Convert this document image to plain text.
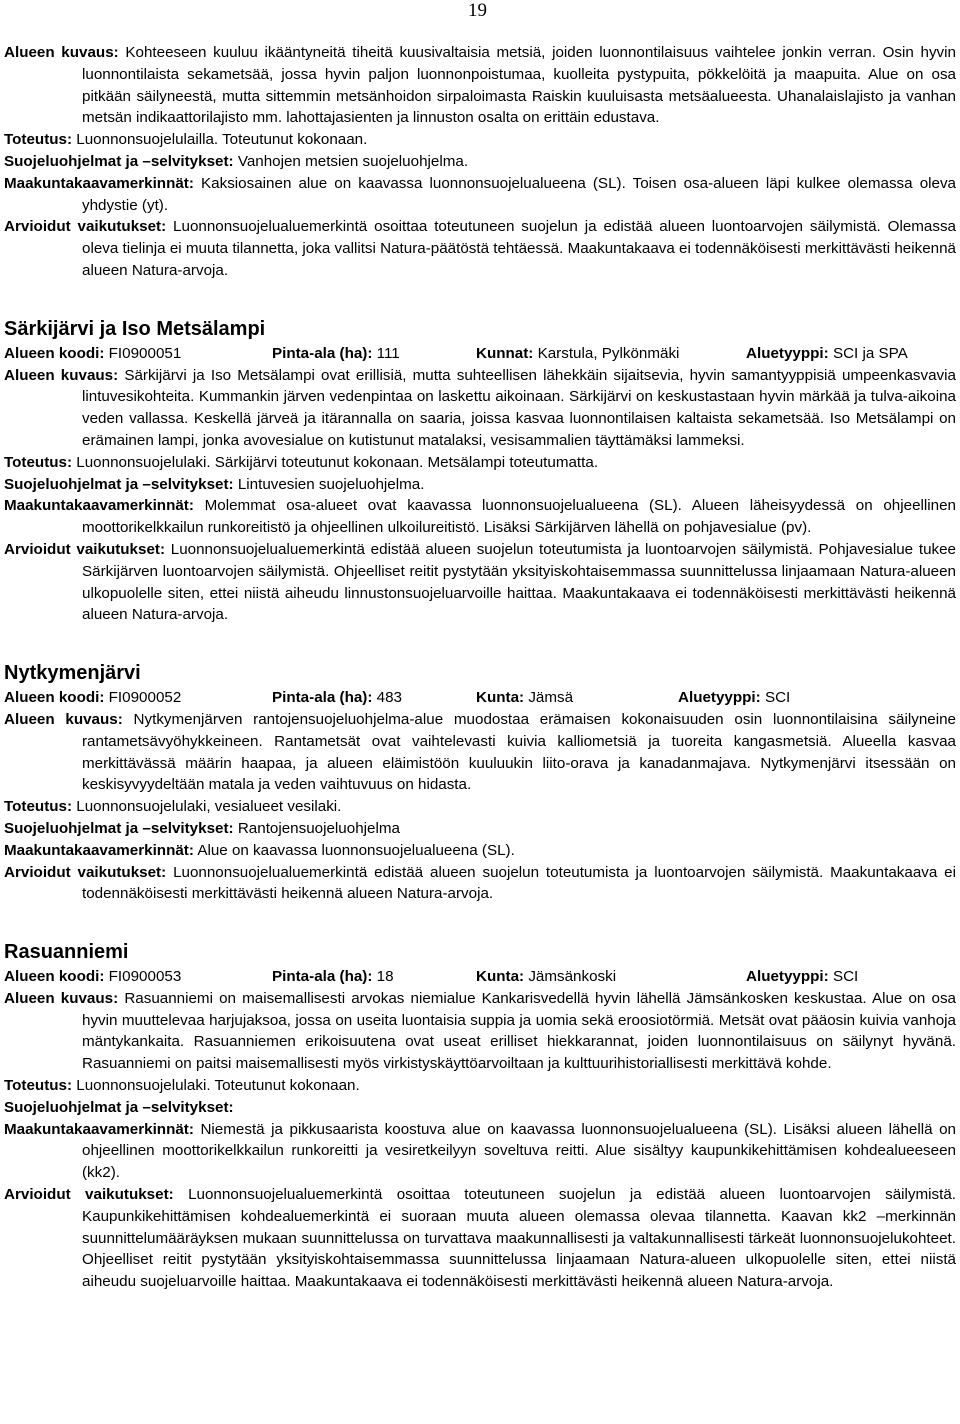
19

Alueen kuvaus: Kohteeseen kuuluu ikääntyneitä tiheitä kuusivaltaisia metsiä, joiden luonnontilaisuus vaihtelee jonkin verran. Osin hyvin luonnontilaista sekametsää, jossa hyvin paljon luonnonpoistumaa, kuolleita pystypuita, pökkelöitä ja maapuita. Alue on osa pitkään säilyneestä, mutta sittemmin metsänhoidon sirpaloimasta Raiskin kuuluisasta metsäalueesta. Uhanalaislajisto ja vanhan metsän indikaattorilajisto mm. lahottajasienten ja linnuston osalta on erittäin edustava.

Toteutus: Luonnonsuojelulailla. Toteutunut kokonaan.

Suojeluohjelmat ja –selvitykset: Vanhojen metsien suojeluohjelma.

Maakuntakaavamerkinnät: Kaksiosainen alue on kaavassa luonnonsuojelualueena (SL). Toisen osa-alueen läpi kulkee olemassa oleva yhdystie (yt).

Arvioidut vaikutukset: Luonnonsuojelualuemerkintä osoittaa toteutuneen suojelun ja edistää alueen luontoarvojen säilymistä. Olemassa oleva tielinja ei muuta tilannetta, joka vallitsi Natura-päätöstä tehtäessä. Maakuntakaava ei todennäköisesti merkittävästi heikennä alueen Natura-arvoja.

Särkijärvi ja Iso Metsälampi

Alueen koodi: FI0900051	Pinta-ala (ha): 111	Kunnat: Karstula, Pylkönmäki	Aluetyyppi: SCI ja SPA

Alueen kuvaus: Särkijärvi ja Iso Metsälampi ovat erillisiä, mutta suhteellisen lähekkäin sijaitsevia, hyvin samantyyppisiä umpeenkasvavia lintuvesikohteita. Kummankin järven vedenpintaa on laskettu aikoinaan. Särkijärvi on keskustastaan hyvin märkää ja tulva-aikoina veden vallassa. Keskellä järveä ja itärannalla on saaria, joissa kasvaa luonnontilaisen kaltaista sekametsää. Iso Metsälampi on erämainen lampi, jonka avovesialue on kutistunut matalaksi, vesisammalien täyttämäksi lammeksi.

Toteutus: Luonnonsuojelulaki. Särkijärvi toteutunut kokonaan. Metsälampi toteutumatta.

Suojeluohjelmat ja –selvitykset: Lintuvesien suojeluohjelma.

Maakuntakaavamerkinnät: Molemmat osa-alueet ovat kaavassa luonnonsuojelualueena (SL). Alueen läheisyydessä on ohjeellinen moottorikelkkailun runkoreitistö ja ohjeellinen ulkoilureitistö. Lisäksi Särkijärven lähellä on pohjavesialue (pv).

Arvioidut vaikutukset: Luonnonsuojelualuemerkintä edistää alueen suojelun toteutumista ja luontoarvojen säilymistä. Pohjavesialue tukee Särkijärven luontoarvojen säilymistä. Ohjeelliset reitit pystytään yksityiskohtaisemmassa suunnittelussa linjaamaan Natura-alueen ulkopuolelle siten, ettei niistä aiheudu linnustonsuojeluarvoille haittaa. Maakuntakaava ei todennäköisesti merkittävästi heikennä alueen Natura-arvoja.

Nytkymenjärvi

Alueen koodi: FI0900052	Pinta-ala (ha): 483	Kunta: Jämsä	Aluetyyppi: SCI

Alueen kuvaus: Nytkymenjärven rantojensuojeluohjelma-alue muodostaa erämaisen kokonaisuuden osin luonnontilaisina säilyneine rantametsävyöhykkeineen. Rantametsät ovat vaihtelevasti kuivia kalliometsiä ja tuoreita kangasmetsiä. Alueella kasvaa merkittävässä määrin haapaa, ja alueen eläimistöön kuuluukin liito-orava ja kanadanmajava. Nytkymenjärvi itsessään on keskisyvyydeltään matala ja veden vaihtuvuus on hidasta.

Toteutus: Luonnonsuojelulaki, vesialueet vesilaki.

Suojeluohjelmat ja –selvitykset: Rantojensuojeluohjelma

Maakuntakaavamerkinnät: Alue on kaavassa luonnonsuojelualueena (SL).

Arvioidut vaikutukset: Luonnonsuojelualuemerkintä edistää alueen suojelun toteutumista ja luontoarvojen säilymistä. Maakuntakaava ei todennäköisesti merkittävästi heikennä alueen Natura-arvoja.

Rasuanniemi

Alueen koodi: FI0900053	Pinta-ala (ha): 18	Kunta: Jämsänkoski	Aluetyyppi: SCI

Alueen kuvaus: Rasuanniemi on maisemallisesti arvokas niemialue Kankarisvedellä hyvin lähellä Jämsänkosken keskustaa. Alue on osa hyvin muuttelevaa harjujaksoa, jossa on useita luontaisia suppia ja uomia sekä eroosiotörmiä. Metsät ovat pääosin kuivia vanhoja mäntykankaita. Rasuanniemen erikoisuutena ovat useat erilliset hiekkarannat, joiden luonnontilaisuus on säilynyt hyvänä. Rasuanniemi on paitsi maisemallisesti myös virkistyskäyttöarvoiltaan ja kulttuurihistoriallisesti merkittävä kohde.

Toteutus: Luonnonsuojelulaki. Toteutunut kokonaan.

Suojeluohjelmat ja –selvitykset:

Maakuntakaavamerkinnät: Niemestä ja pikkusaarista koostuva alue on kaavassa luonnonsuojelualueena (SL). Lisäksi alueen lähellä on ohjeellinen moottorikelkkailun runkoreitti ja vesiretkeilyyn soveltuva reitti. Alue sisältyy kaupunkikehittämisen kohdealueeseen (kk2).

Arvioidut vaikutukset: Luonnonsuojelualuemerkintä osoittaa toteutuneen suojelun ja edistää alueen luontoarvojen säilymistä. Kaupunkikehittämisen kohdealuemerkintä ei suoraan muuta alueen olemassa olevaa tilannetta. Kaavan kk2 –merkinnän suunnittelumääräyksen mukaan suunnittelussa on turvattava maakunnallisesti ja valtakunnallisesti tärkeät luonnonsuojelukohteet. Ohjeelliset reitit pystytään yksityiskohtaisemmassa suunnittelussa linjaamaan Natura-alueen ulkopuolelle siten, ettei niistä aiheudu suojeluarvoille haittaa. Maakuntakaava ei todennäköisesti merkittävästi heikennä alueen Natura-arvoja.
